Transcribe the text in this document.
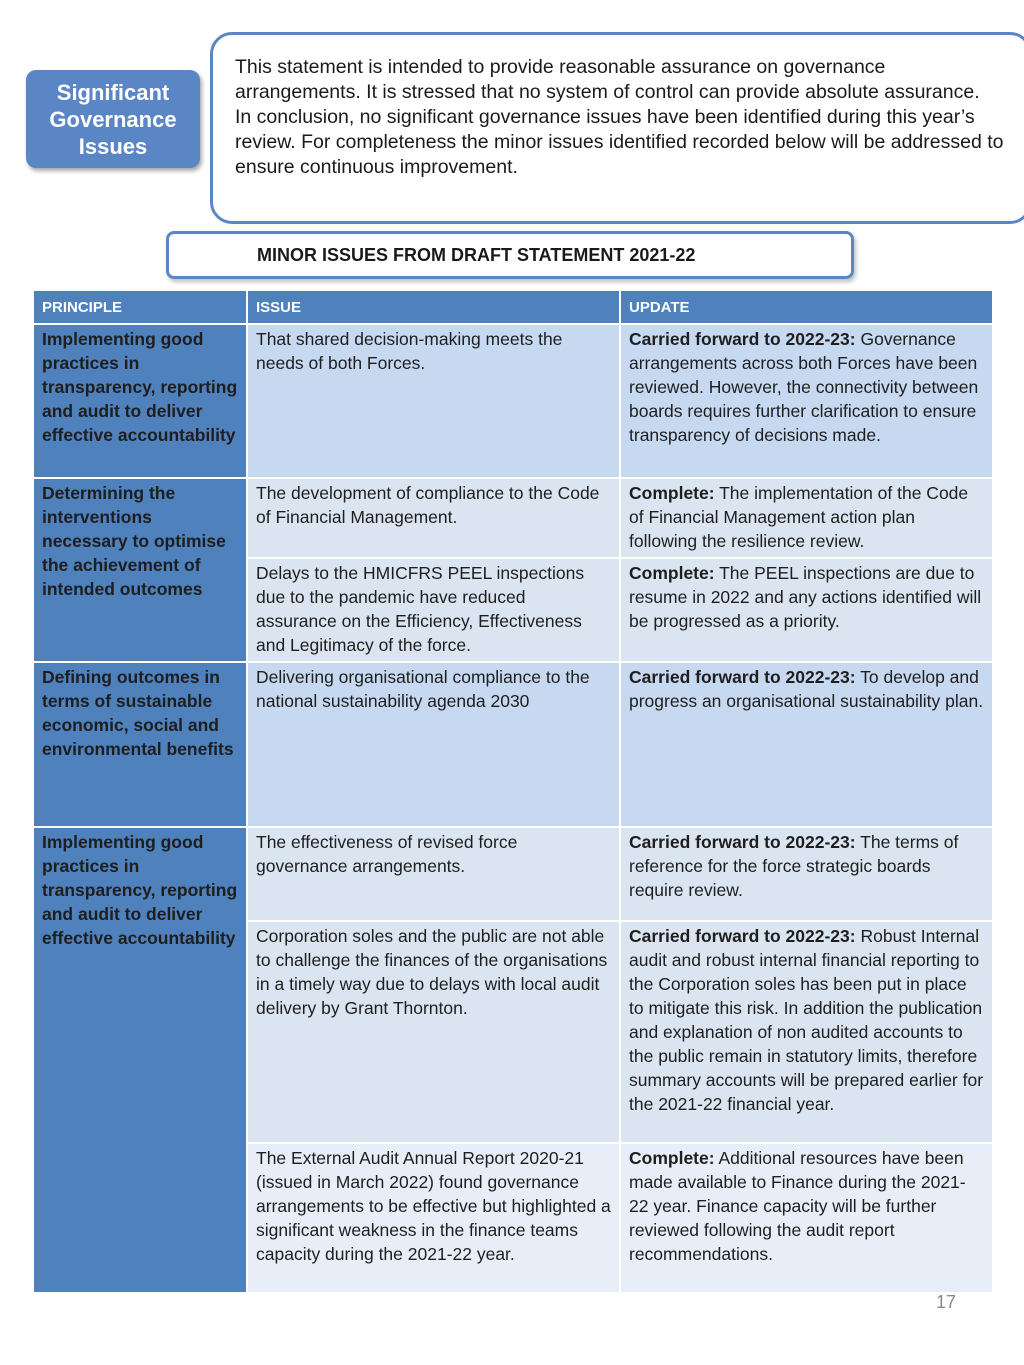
Significant Governance Issues

This statement is intended to provide reasonable assurance on governance arrangements. It is stressed that no system of control can provide absolute assurance.

In conclusion, no significant governance issues have been identified during this year’s review. For completeness the minor issues identified recorded below will be addressed to ensure continuous improvement.

MINOR ISSUES FROM DRAFT STATEMENT 2021-22
PRINCIPLE	ISSUE	UPDATE
Implementing good practices in transparency, reporting and audit to deliver effective accountability	That shared decision-making meets the needs of both Forces.	Carried forward to 2022-23: Governance arrangements across both Forces have been reviewed. However, the connectivity between boards requires further clarification to ensure transparency of decisions made.
Determining the interventions necessary to optimise the achievement of intended outcomes	The development of compliance to the Code of Financial Management.	Complete: The implementation of the Code of Financial Management action plan following the resilience review.
	Delays to the HMICFRS PEEL inspections due to the pandemic have reduced assurance on the Efficiency, Effectiveness and Legitimacy of the force.	Complete: The PEEL inspections are due to resume in 2022 and any actions identified will be progressed as a priority.
Defining outcomes in terms of sustainable economic, social and environmental benefits	Delivering organisational compliance to the national sustainability agenda 2030	Carried forward to 2022-23: To develop and progress an organisational sustainability plan.
Implementing good practices in transparency, reporting and audit to deliver effective accountability	The effectiveness of revised force governance arrangements.	Carried forward to 2022-23: The terms of reference for the force strategic boards require review.
	Corporation soles and the public are not able to challenge the finances of the organisations in a timely way due to delays with local audit delivery by Grant Thornton.	Carried forward to 2022-23: Robust Internal audit and robust internal financial reporting to the Corporation soles has been put in place to mitigate this risk. In addition the publication and explanation of non audited accounts to the public remain in statutory limits, therefore summary accounts will be prepared earlier for the 2021-22 financial year.
	The External Audit Annual Report 2020-21 (issued in March 2022) found governance arrangements to be effective but highlighted a significant weakness in the finance teams capacity during the 2021-22 year.	Complete: Additional resources have been made available to Finance during the 2021-22 year. Finance capacity will be further reviewed following the audit report recommendations.
17
